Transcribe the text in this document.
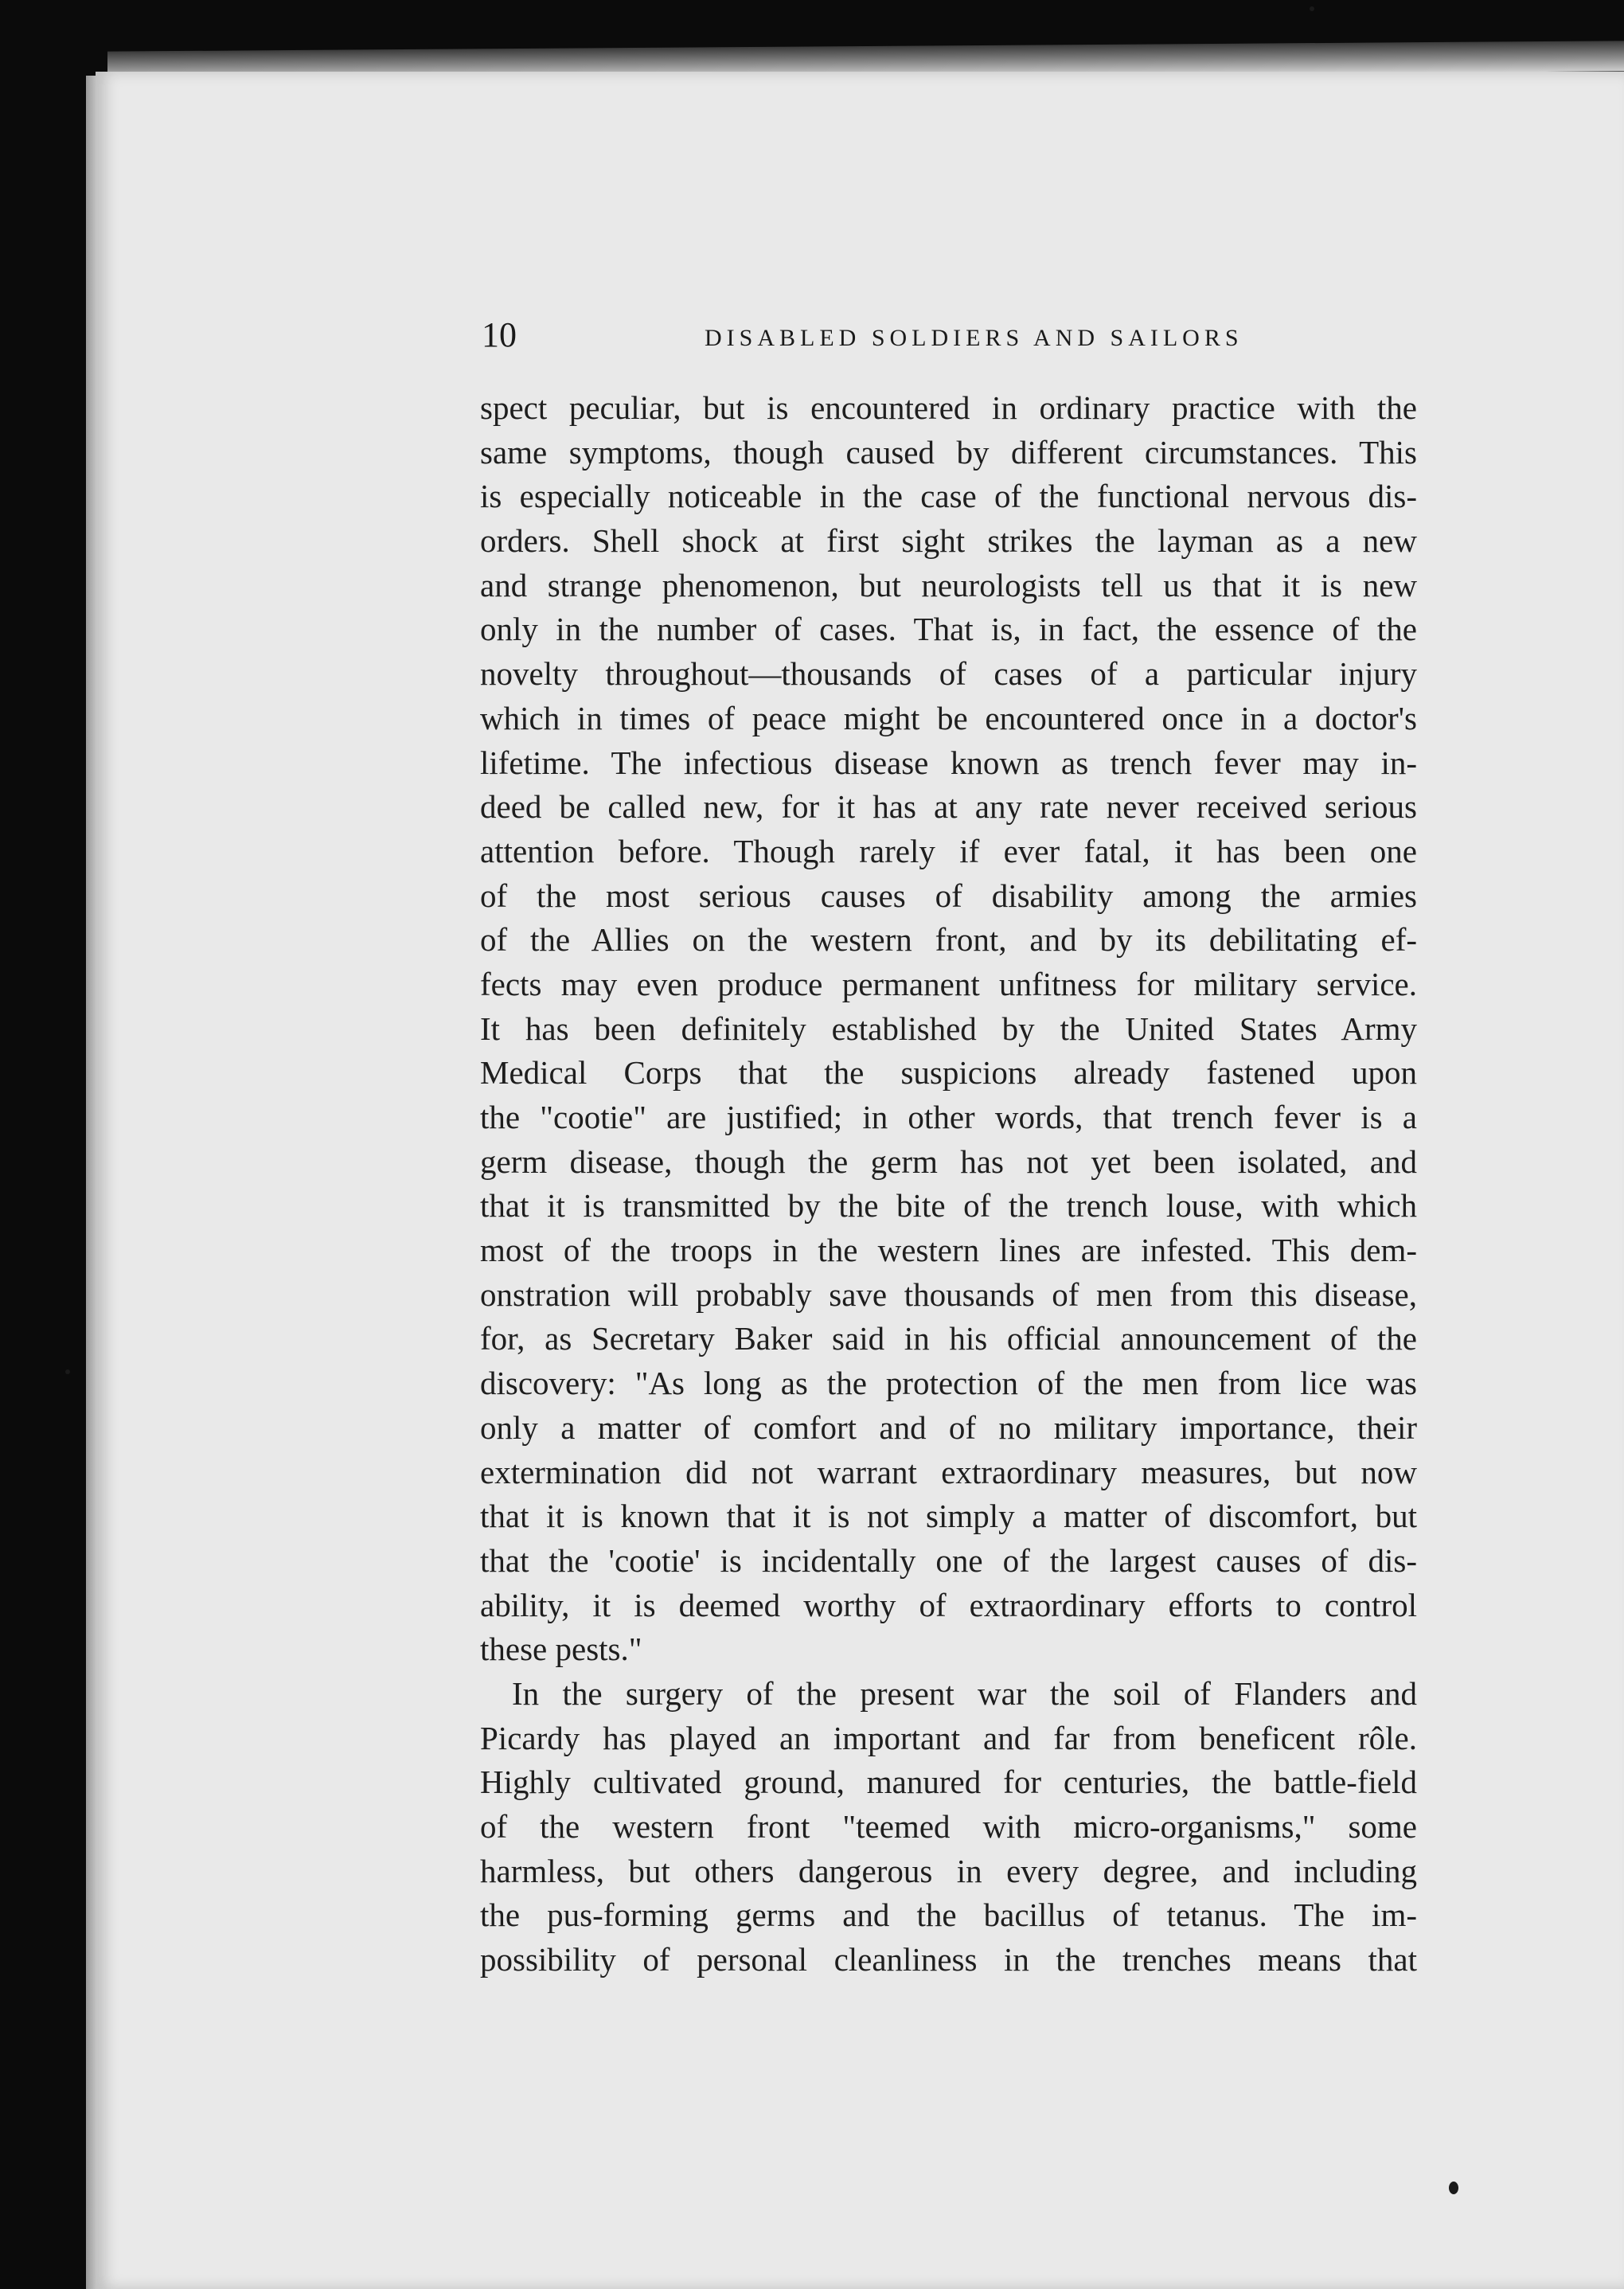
10	DISABLED SOLDIERS AND SAILORS
spect peculiar, but is encountered in ordinary practice with the
same symptoms, though caused by different circumstances. This
is especially noticeable in the case of the functional nervous dis-
orders. Shell shock at first sight strikes the layman as a new
and strange phenomenon, but neurologists tell us that it is new
only in the number of cases. That is, in fact, the essence of the
novelty throughout—thousands of cases of a particular injury
which in times of peace might be encountered once in a doctor's
lifetime. The infectious disease known as trench fever may in-
deed be called new, for it has at any rate never received serious
attention before. Though rarely if ever fatal, it has been one
of the most serious causes of disability among the armies
of the Allies on the western front, and by its debilitating ef-
fects may even produce permanent unfitness for military service.
It has been definitely established by the United States Army
Medical Corps that the suspicions already fastened upon
the "cootie" are justified; in other words, that trench fever is a
germ disease, though the germ has not yet been isolated, and
that it is transmitted by the bite of the trench louse, with which
most of the troops in the western lines are infested. This dem-
onstration will probably save thousands of men from this disease,
for, as Secretary Baker said in his official announcement of the
discovery: "As long as the protection of the men from lice was
only a matter of comfort and of no military importance, their
extermination did not warrant extraordinary measures, but now
that it is known that it is not simply a matter of discomfort, but
that the 'cootie' is incidentally one of the largest causes of dis-
ability, it is deemed worthy of extraordinary efforts to control
these pests."
In the surgery of the present war the soil of Flanders and
Picardy has played an important and far from beneficent rôle.
Highly cultivated ground, manured for centuries, the battle-field
of the western front "teemed with micro-organisms," some
harmless, but others dangerous in every degree, and including
the pus-forming germs and the bacillus of tetanus. The im-
possibility of personal cleanliness in the trenches means that
